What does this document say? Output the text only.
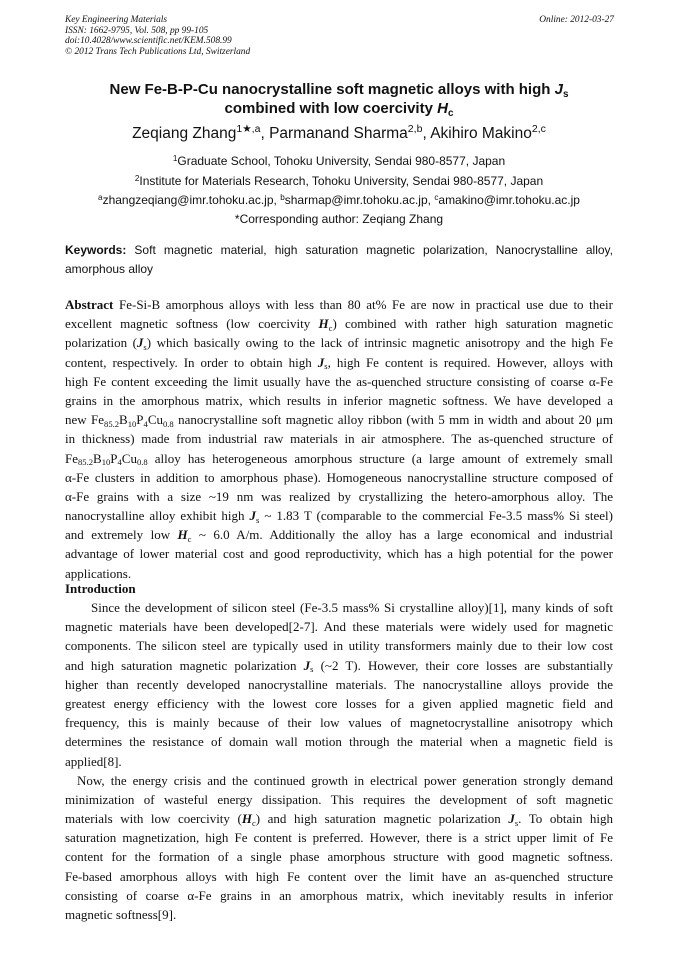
Key Engineering Materials
ISSN: 1662-9795, Vol. 508, pp 99-105
doi:10.4028/www.scientific.net/KEM.508.99
© 2012 Trans Tech Publications Ltd, Switzerland
Online: 2012-03-27
New Fe-B-P-Cu nanocrystalline soft magnetic alloys with high $J_s$
combined with low coercivity $H_c$
Zeqiang Zhang$^{1★,a}$, Parmanand Sharma$^{2,b}$, Akihiro Makino$^{2,c}$
$^1$Graduate School, Tohoku University, Sendai 980-8577, Japan
$^2$Institute for Materials Research, Tohoku University, Sendai 980-8577, Japan
$^a$zhangzeqiang@imr.tohoku.ac.jp, $^b$sharmap@imr.tohoku.ac.jp, $^c$amakino@imr.tohoku.ac.jp
*Corresponding author: Zeqiang Zhang
Keywords: Soft magnetic material, high saturation magnetic polarization, Nanocrystalline alloy, amorphous alloy
Abstract Fe-Si-B amorphous alloys with less than 80 at% Fe are now in practical use due to their
excellent magnetic softness (low coercivity $H_c$) combined with rather high saturation magnetic
polarization $(J_s)$ which basically owing to the lack of intrinsic magnetic anisotropy and the high Fe
content, respectively. In order to obtain high $J_s$, high Fe content is required. However, alloys with
high Fe content exceeding the limit usually have the as-quenched structure consisting of coarse α-Fe
grains in the amorphous matrix, which results in inferior magnetic softness. We have developed a
new $Fe_{85.2}B_{10}P_4Cu_{0.8}$ nanocrystalline soft magnetic alloy ribbon (with 5 mm in width and about 20 μm
in thickness) made from industrial raw materials in air atmosphere. The as-quenched structure of
$Fe_{85.2}B_{10}P_4Cu_{0.8}$ alloy has heterogeneous amorphous structure (a large amount of extremely small
α-Fe clusters in addition to amorphous phase). Homogeneous nanocrystalline structure composed of
α-Fe grains with a size ~19 nm was realized by crystallizing the hetero-amorphous alloy. The
nanocrystalline alloy exhibit high $J_s$ ~ 1.83 T (comparable to the commercial Fe-3.5 mass% Si steel)
and extremely low $H_c$ ~ 6.0 A/m. Additionally the alloy has a large economical and industrial
advantage of lower material cost and good reproductivity, which has a high potential for the power
applications.
Introduction
Since the development of silicon steel (Fe-3.5 mass% Si crystalline alloy)[1], many kinds of soft
magnetic materials have been developed[2-7]. And these materials were widely used for magnetic
components. The silicon steel are typically used in utility transformers mainly due to their low cost
and high saturation magnetic polarization $J_s$ (~2 T). However, their core losses are substantially
higher than recently developed nanocrystalline materials. The nanocrystalline alloys provide the
greatest energy efficiency with the lowest core losses for a given applied magnetic field and
frequency, this is mainly because of their low values of magnetocrystalline anisotropy which
determines the resistance of domain wall motion through the material when a magnetic field is
applied[8].
Now, the energy crisis and the continued growth in electrical power generation strongly demand
minimization of wasteful energy dissipation. This requires the development of soft magnetic
materials with low coercivity $(H_c)$ and high saturation magnetic polarization $J_s$. To obtain high
saturation magnetization, high Fe content is preferred. However, there is a strict upper limit of Fe
content for the formation of a single phase amorphous structure with good magnetic softness.
Fe-based amorphous alloys with high Fe content over the limit have an as-quenched structure
consisting of coarse α-Fe grains in an amorphous matrix, which inevitably results in inferior
magnetic softness[9].
